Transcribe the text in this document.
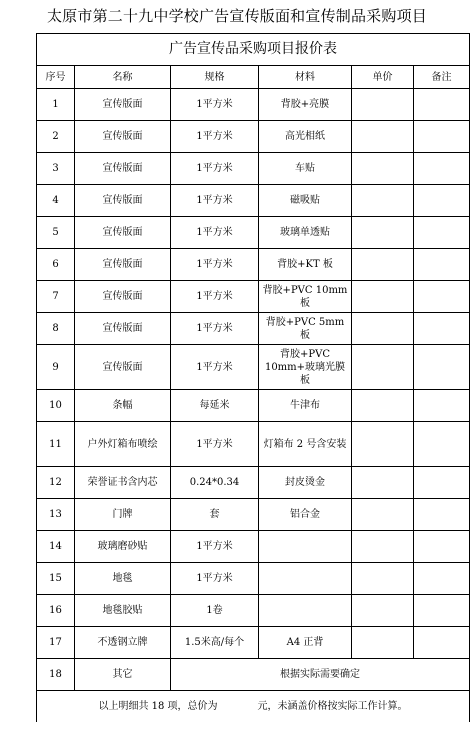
太原市第二十九中学校广告宣传版面和宣传制品采购项目
广告宣传品采购项目报价表					
序号	名称	规格	材料	单价	备注
1	宣传版面	1平方米	背胶+亮膜		
2	宣传版面	1平方米	高光相纸		
3	宣传版面	1平方米	车贴		
4	宣传版面	1平方米	磁吸贴		
5	宣传版面	1平方米	玻璃单透贴		
6	宣传版面	1平方米	背胶+KT 板		
7	宣传版面	1平方米	背胶+PVC 10mm 板		
8	宣传版面	1平方米	背胶+PVC 5mm 板		
9	宣传版面	1平方米	背胶+PVC 10mm+玻璃光膜板		
10	条幅	每延米	牛津布		
11	户外灯箱布喷绘	1平方米	灯箱布 2 号含安装		
12	荣誉证书含内芯	0.24*0.34	封皮烫金		
13	门牌	套	铝合金		
14	玻璃磨砂贴	1平方米			
15	地毯	1平方米			
16	地毯胶贴	1卷			
17	不透钢立牌	1.5米高/每个	A4 正背		
18	其它	根据实际需要确定			
以上明细共 18 项，总价为　　　　元，未涵盖价格按实际工作计算。					
